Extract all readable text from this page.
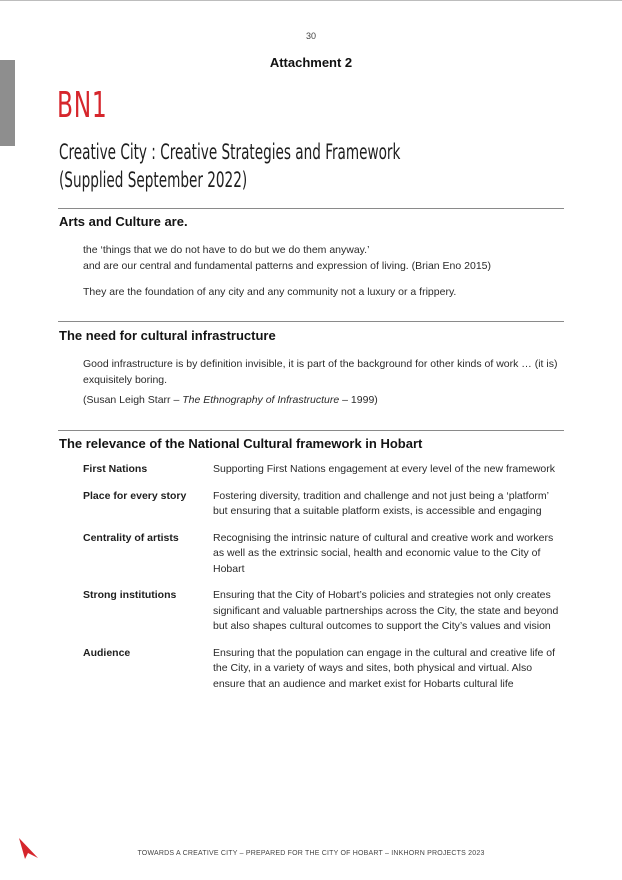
30
Attachment 2
BN1
Creative City : Creative Strategies and Framework
(Supplied September 2022)
Arts and Culture are.

the ‘things that we do not have to do but we do them anyway.’
and are our central and fundamental patterns and expression of living. (Brian Eno 2015)

They are the foundation of any city and any community not a luxury or a frippery.

The need for cultural infrastructure

Good infrastructure is by definition invisible, it is part of the background for other kinds of work … (it is) exquisitely boring.

(Susan Leigh Starr – The Ethnography of Infrastructure – 1999)

The relevance of the National Cultural framework in Hobart
First Nations	Supporting First Nations engagement at every level of the new framework
Place for every story	Fostering diversity, tradition and challenge and not just being a ‘platform’ but ensuring that a suitable platform exists, is accessible and engaging
Centrality of artists	Recognising the intrinsic nature of cultural and creative work and workers as well as the extrinsic social, health and economic value to the City of Hobart
Strong institutions	Ensuring that the City of Hobart’s policies and strategies not only creates significant and valuable partnerships across the City, the state and beyond but also shapes cultural outcomes to support the City’s values and vision
Audience	Ensuring that the population can engage in the cultural and creative life of the City, in a variety of ways and sites, both physical and virtual. Also ensure that an audience and market exist for Hobarts cultural life
TOWARDS A CREATIVE CITY – PREPARED FOR THE CITY OF HOBART – INKHORN PROJECTS 2023
